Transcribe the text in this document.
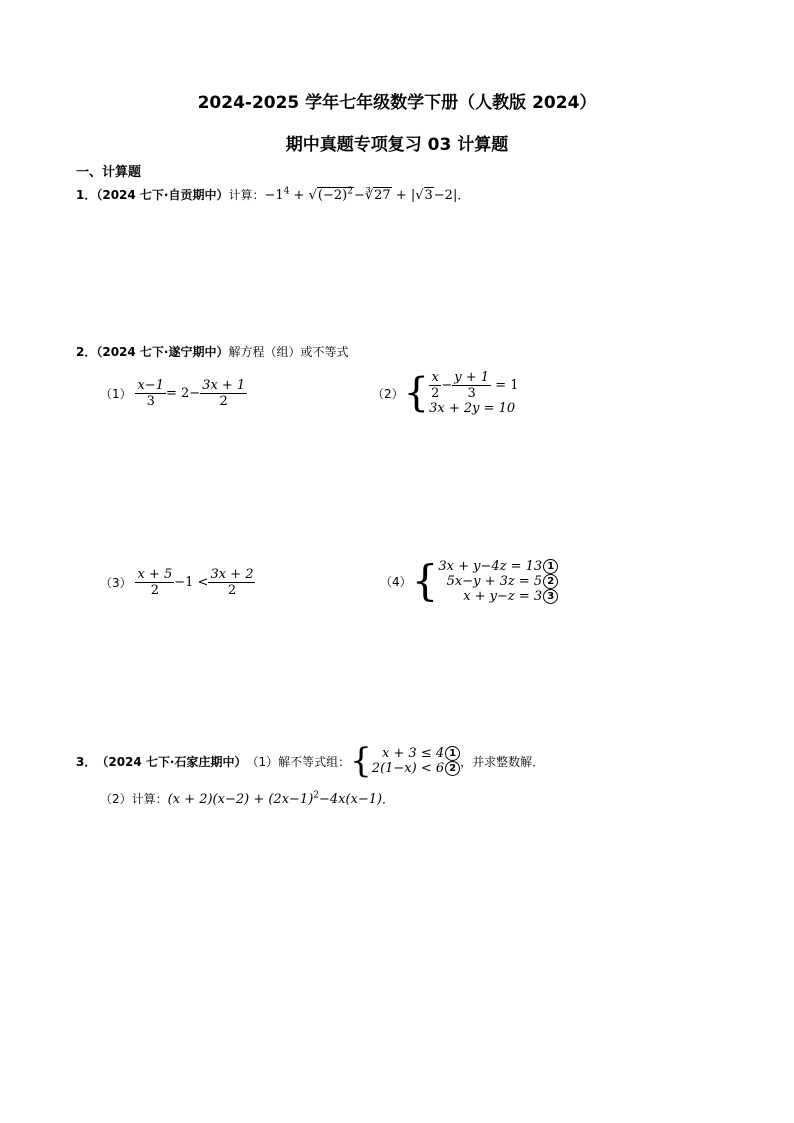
2024-2025 学年七年级数学下册（人教版 2024）
期中真题专项复习 03 计算题
一、计算题
1．（2024 七下·自贡期中）计算：$-1^4$ + $√(-2)^2-∛27 + |√3-2|$．
2．（2024 七下·遂宁期中）解方程（组）或不等式
$(1) \frac{x-1}{3} = 2- \frac{3x + 1}{2}$	$(2)\{ \frac{x}{2} - \frac{y + 1}{3} = 1$
3x + 2y = 10
$(3) \frac{x + 5}{2} -1 < \frac{3x + 2}{2}$	（4）{ 3x + y−4z = 13 1
5x−y + 3z = 5 2
x + y−z = 3 3
3．（2024 七下·石家庄期中）（1）解不等式组：{ x + 3 ≤ 4 1
2(1−x) < 6 2 ，并求整数解．
（2）计算：$(x + 2)(x-2) + (2x-1)^2-4x(x-1)$．
